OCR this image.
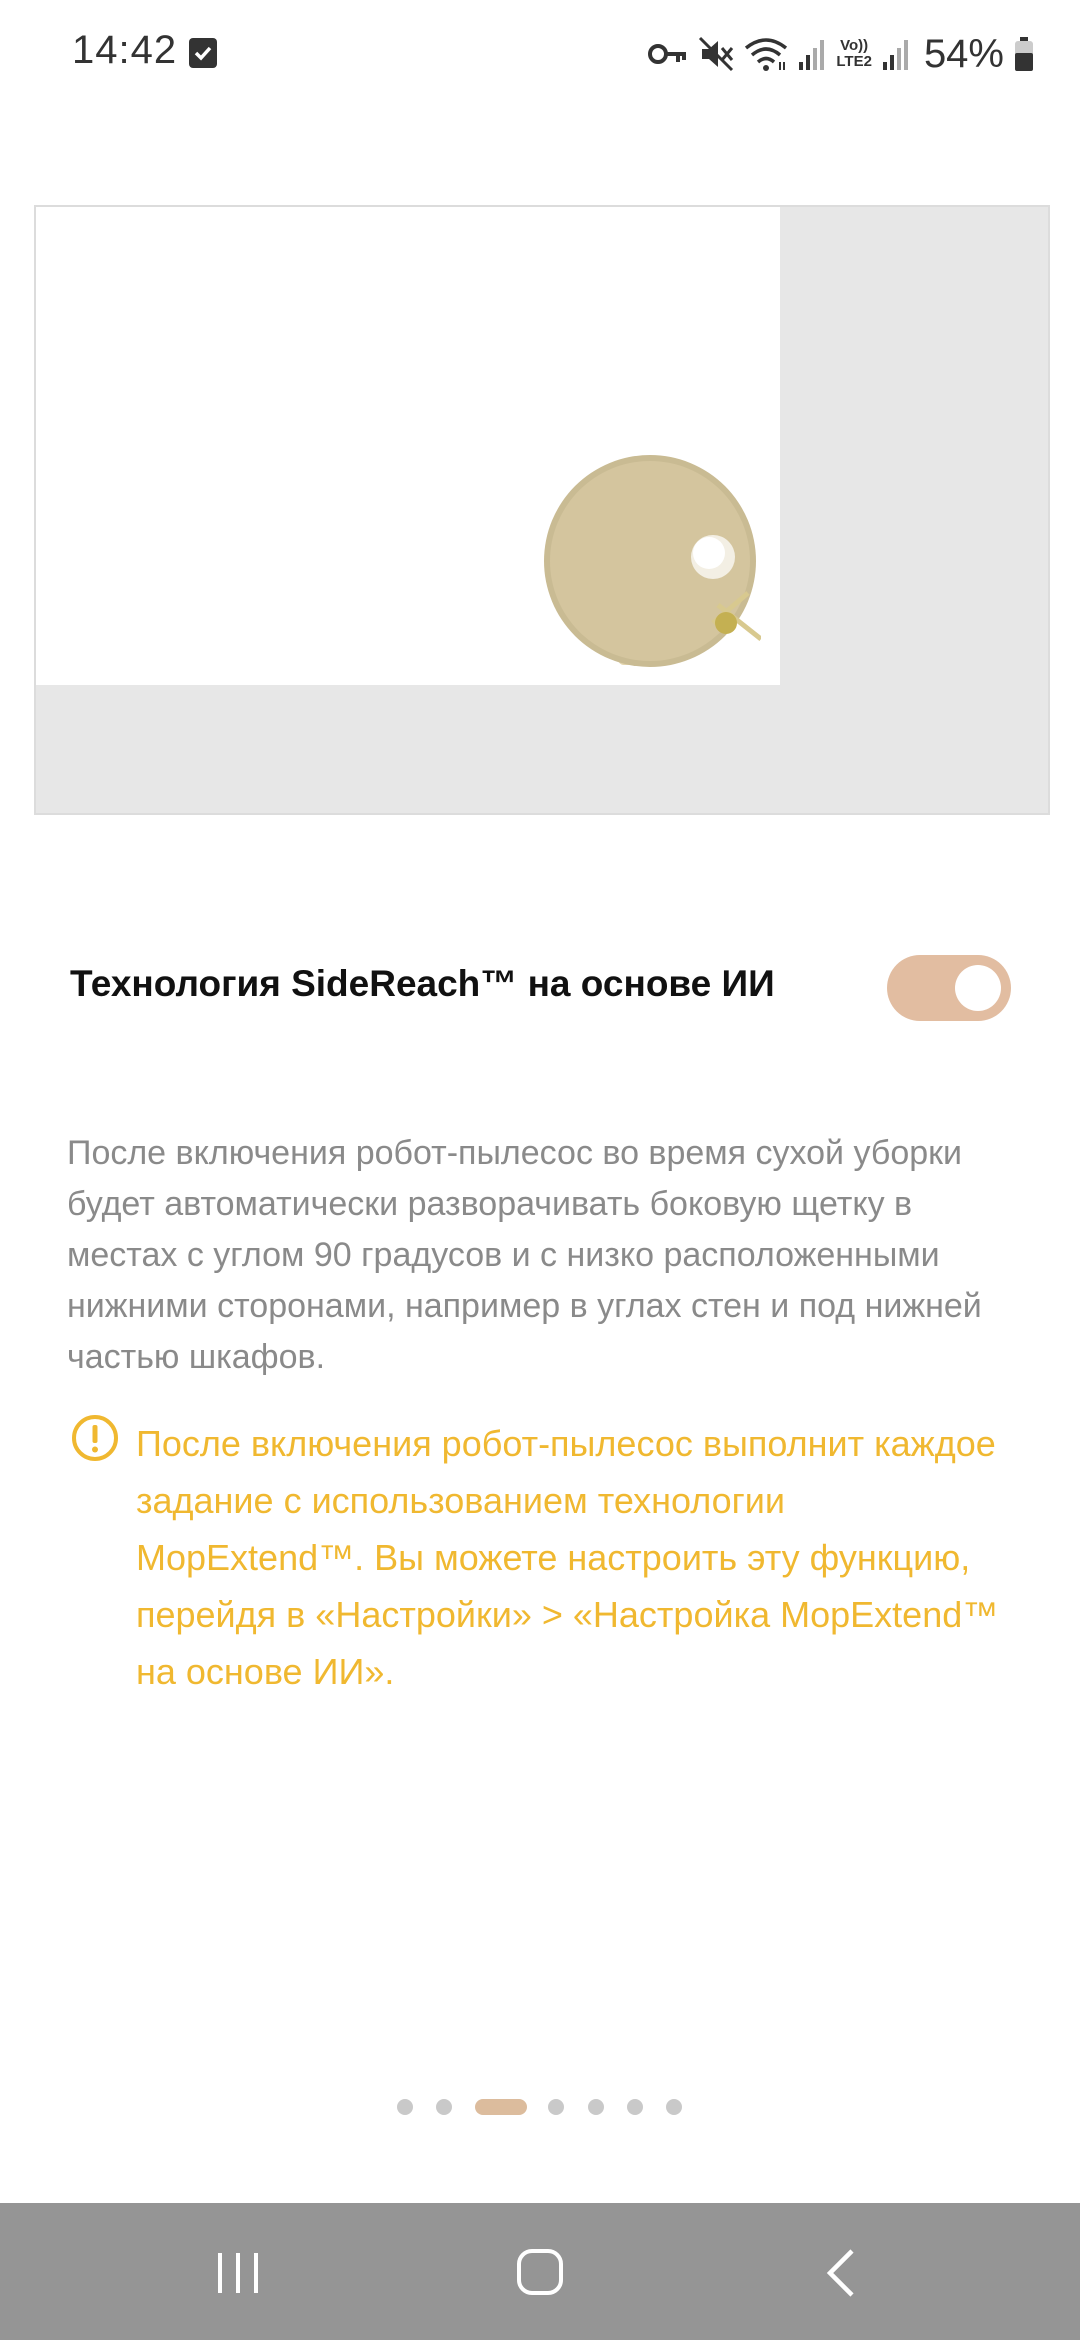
14:42	Vo))
LTE2 54%
Технология SideReach™ на основе ИИ
После включения робот-пылесос во время сухой уборки будет автоматически разворачивать боковую щетку в местах с углом 90 градусов и с низко расположенными нижними сторонами, например в углах стен и под нижней частью шкафов.
После включения робот-пылесос выполнит каждое задание с использованием технологии MopExtend™. Вы можете настроить эту функцию, перейдя в «Настройки» > «Настройка MopExtend™ на основе ИИ».
